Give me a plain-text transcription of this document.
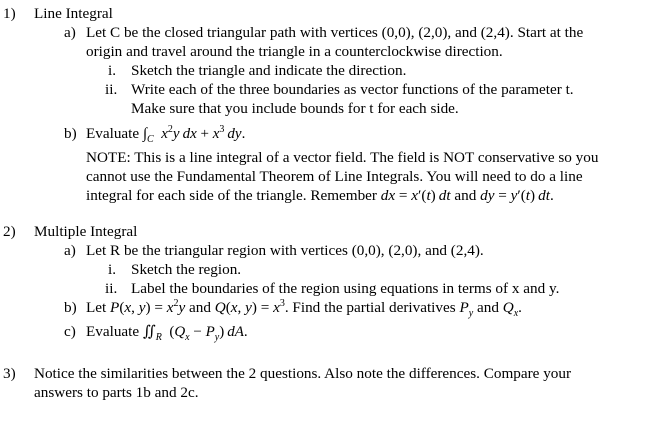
1) Line Integral
a) Let C be the closed triangular path with vertices (0,0), (2,0), and (2,4). Start at the
origin and travel around the triangle in a counterclockwise direction.
i. Sketch the triangle and indicate the direction.
ii. Write each of the three boundaries as vector functions of the parameter t.
Make sure that you include bounds for t for each side.
b) Evaluate $\int_C$ $x^2y$  dx + $x^3$  dy.
NOTE: This is a line integral of a vector field. The field is NOT conservative so you
cannot use the Fundamental Theorem of Line Integrals. You will need to do a line
integral for each side of the triangle. Remember dx = x′(t) dt and dy = y′(t) dt.
2) Multiple Integral
a) Let R be the triangular region with vertices (0,0), (2,0), and (2,4).
i. Sketch the region.
ii. Label the boundaries of the region using equations in terms of x and y.
b) Let P(x, $y) = x^2y$ and Q(x, $y) = x^3$. Find the partial derivatives $P_y$ and $Q_x$.
c) Evaluate $∬_R$  $(Q_x - P_y)$ dA.
3) Notice the similarities between the 2 questions. Also note the differences. Compare your
answers to parts 1b and 2c.
